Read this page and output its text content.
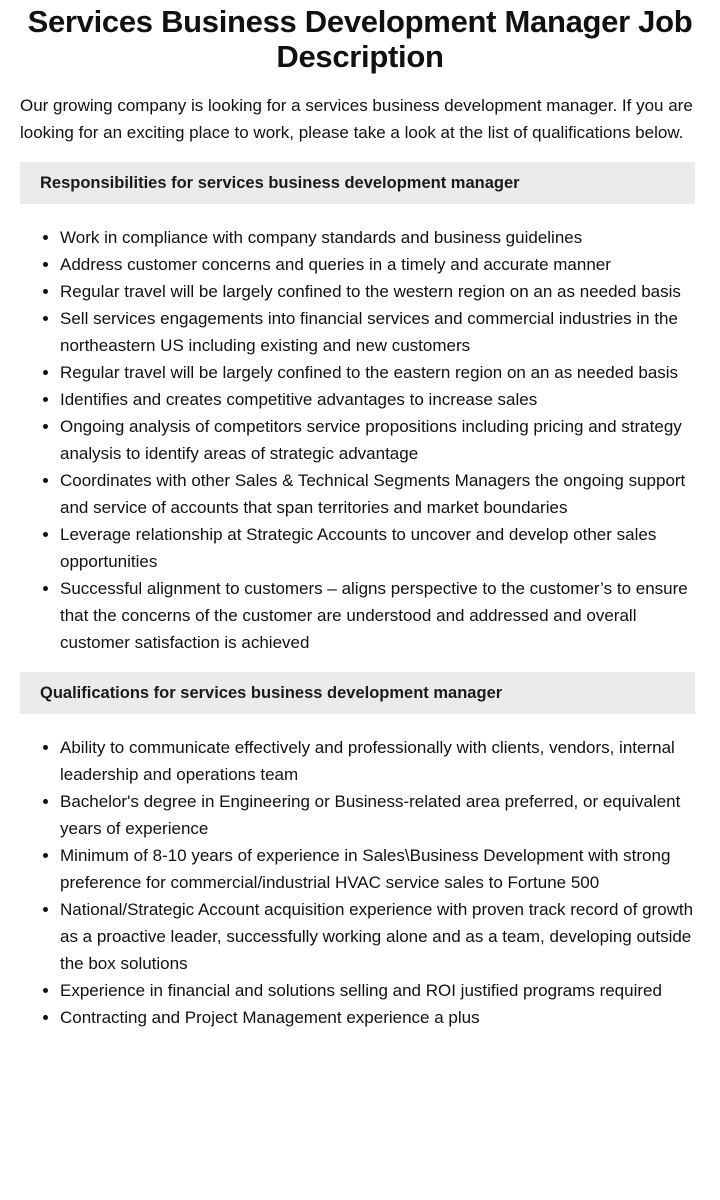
Services Business Development Manager Job Description

Our growing company is looking for a services business development manager. If you are looking for an exciting place to work, please take a look at the list of qualifications below.

Responsibilities for services business development manager
• Work in compliance with company standards and business guidelines
• Address customer concerns and queries in a timely and accurate manner
• Regular travel will be largely confined to the western region on an as needed basis
• Sell services engagements into financial services and commercial industries in the northeastern US including existing and new customers
• Regular travel will be largely confined to the eastern region on an as needed basis
• Identifies and creates competitive advantages to increase sales
• Ongoing analysis of competitors service propositions including pricing and strategy analysis to identify areas of strategic advantage
• Coordinates with other Sales & Technical Segments Managers the ongoing support and service of accounts that span territories and market boundaries
• Leverage relationship at Strategic Accounts to uncover and develop other sales opportunities
• Successful alignment to customers – aligns perspective to the customer’s to ensure that the concerns of the customer are understood and addressed and overall customer satisfaction is achieved
Qualifications for services business development manager
• Ability to communicate effectively and professionally with clients, vendors, internal leadership and operations team
• Bachelor's degree in Engineering or Business-related area preferred, or equivalent years of experience
• Minimum of 8-10 years of experience in Sales\Business Development with strong preference for commercial/industrial HVAC service sales to Fortune 500
• National/Strategic Account acquisition experience with proven track record of growth as a proactive leader, successfully working alone and as a team, developing outside the box solutions
• Experience in financial and solutions selling and ROI justified programs required
• Contracting and Project Management experience a plus
